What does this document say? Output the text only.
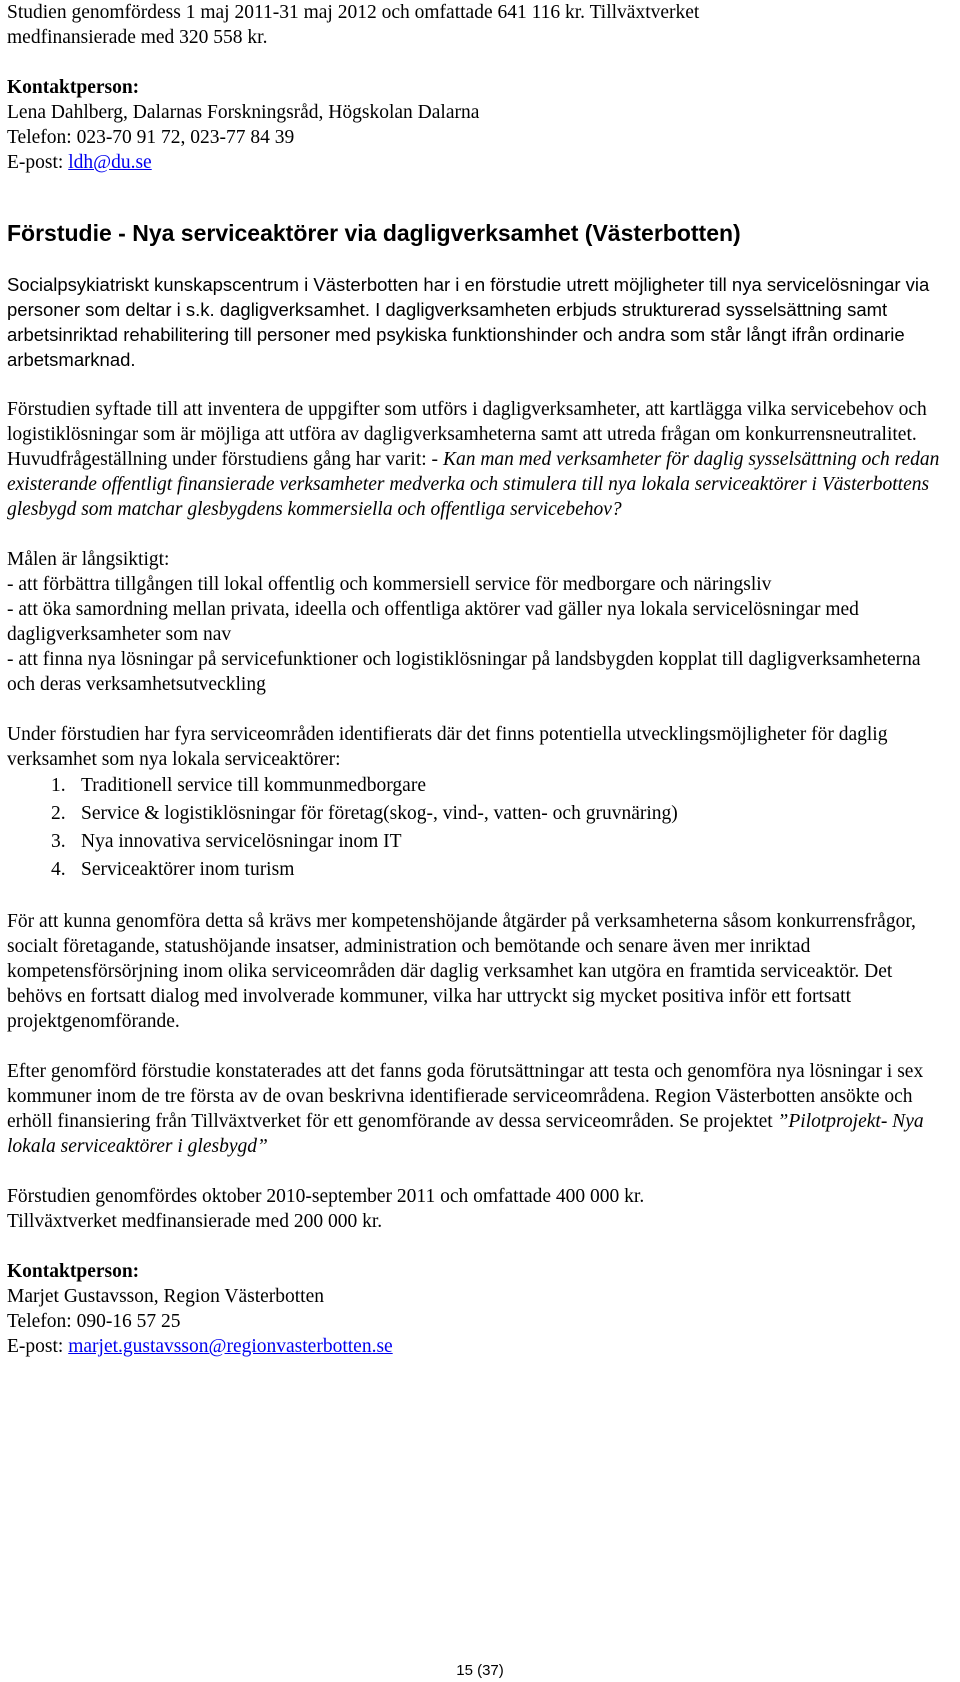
Studien genomfördess 1 maj 2011-31 maj 2012 och omfattade 641 116 kr. Tillväxtverket

medfinansierade med 320 558 kr.

Kontaktperson:

Lena Dahlberg, Dalarnas Forskningsråd, Högskolan Dalarna

Telefon: 023-70 91 72, 023-77 84 39

E-post: ldh@du.se

Förstudie - Nya serviceaktörer via dagligverksamhet (Västerbotten)

Socialpsykiatriskt kunskapscentrum i Västerbotten har i en förstudie utrett möjligheter till nya servicelösningar via personer som deltar i s.k. dagligverksamhet. I dagligverksamheten erbjuds strukturerad sysselsättning samt arbetsinriktad rehabilitering till personer med psykiska funktionshinder och andra som står långt ifrån ordinarie arbetsmarknad.

Förstudien syftade till att inventera de uppgifter som utförs i dagligverksamheter, att kartlägga vilka servicebehov och logistiklösningar som är möjliga att utföra av dagligverksamheterna samt att utreda frågan om konkurrensneutralitet. Huvudfrågeställning under förstudiens gång har varit: - Kan man med verksamheter för daglig sysselsättning och redan existerande offentligt finansierade verksamheter medverka och stimulera till nya lokala serviceaktörer i Västerbottens glesbygd som matchar glesbygdens kommersiella och offentliga servicebehov?

Målen är långsiktigt:

- att förbättra tillgången till lokal offentlig och kommersiell service för medborgare och näringsliv

- att öka samordning mellan privata, ideella och offentliga aktörer vad gäller nya lokala servicelösningar med dagligverksamheter som nav

- att finna nya lösningar på servicefunktioner och logistiklösningar på landsbygden kopplat till dagligverksamheterna och deras verksamhetsutveckling

Under förstudien har fyra serviceområden identifierats där det finns potentiella utvecklingsmöjligheter för daglig verksamhet som nya lokala serviceaktörer:

1. Traditionell service till kommunmedborgare
2. Service & logistiklösningar för företag(skog-, vind-, vatten- och gruvnäring)
3. Nya innovativa servicelösningar inom IT
4. Serviceaktörer inom turism

För att kunna genomföra detta så krävs mer kompetenshöjande åtgärder på verksamheterna såsom konkurrensfrågor, socialt företagande, statushöjande insatser, administration och bemötande och senare även mer inriktad kompetensförsörjning inom olika serviceområden där daglig verksamhet kan utgöra en framtida serviceaktör. Det behövs en fortsatt dialog med involverade kommuner, vilka har uttryckt sig mycket positiva inför ett fortsatt projektgenomförande.

Efter genomförd förstudie konstaterades att det fanns goda förutsättningar att testa och genomföra nya lösningar i sex kommuner inom de tre första av de ovan beskrivna identifierade serviceområdena. Region Västerbotten ansökte och erhöll finansiering från Tillväxtverket för ett genomförande av dessa serviceområden. Se projektet ”Pilotprojekt- Nya lokala serviceaktörer i glesbygd”

Förstudien genomfördes oktober 2010-september 2011 och omfattade 400 000 kr.

Tillväxtverket medfinansierade med 200 000 kr.

Kontaktperson:

Marjet Gustavsson, Region Västerbotten

Telefon: 090-16 57 25

E-post: marjet.gustavsson@regionvasterbotten.se

15 (37)
